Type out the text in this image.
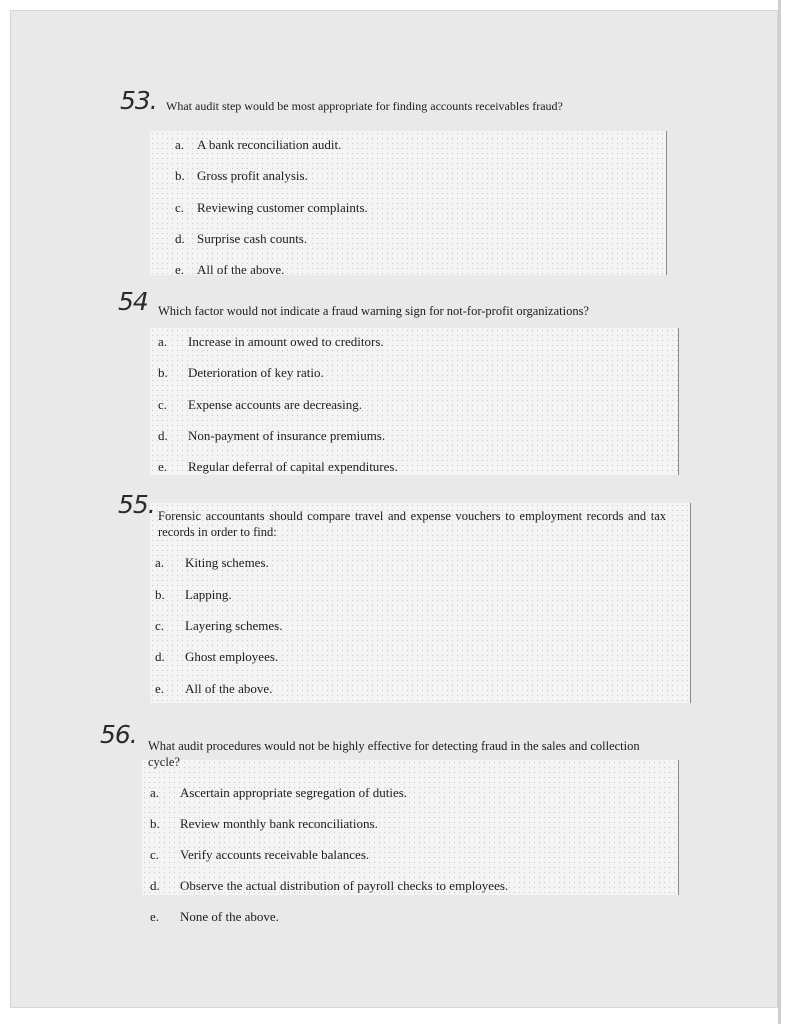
53. What audit step would be most appropriate for finding accounts receivables fraud?
a. A bank reconciliation audit.
b. Gross profit analysis.
c. Reviewing customer complaints.
d. Surprise cash counts.
e. All of the above.
54 Which factor would not indicate a fraud warning sign for not-for-profit organizations?
a. Increase in amount owed to creditors.
b. Deterioration of key ratio.
c. Expense accounts are decreasing.
d. Non-payment of insurance premiums.
e. Regular deferral of capital expenditures.
55. Forensic accountants should compare travel and expense vouchers to employment records and tax records in order to find:
a. Kiting schemes.
b. Lapping.
c. Layering schemes.
d. Ghost employees.
e. All of the above.
56. What audit procedures would not be highly effective for detecting fraud in the sales and collection cycle?
a. Ascertain appropriate segregation of duties.
b. Review monthly bank reconciliations.
c. Verify accounts receivable balances.
d. Observe the actual distribution of payroll checks to employees.
e. None of the above.
